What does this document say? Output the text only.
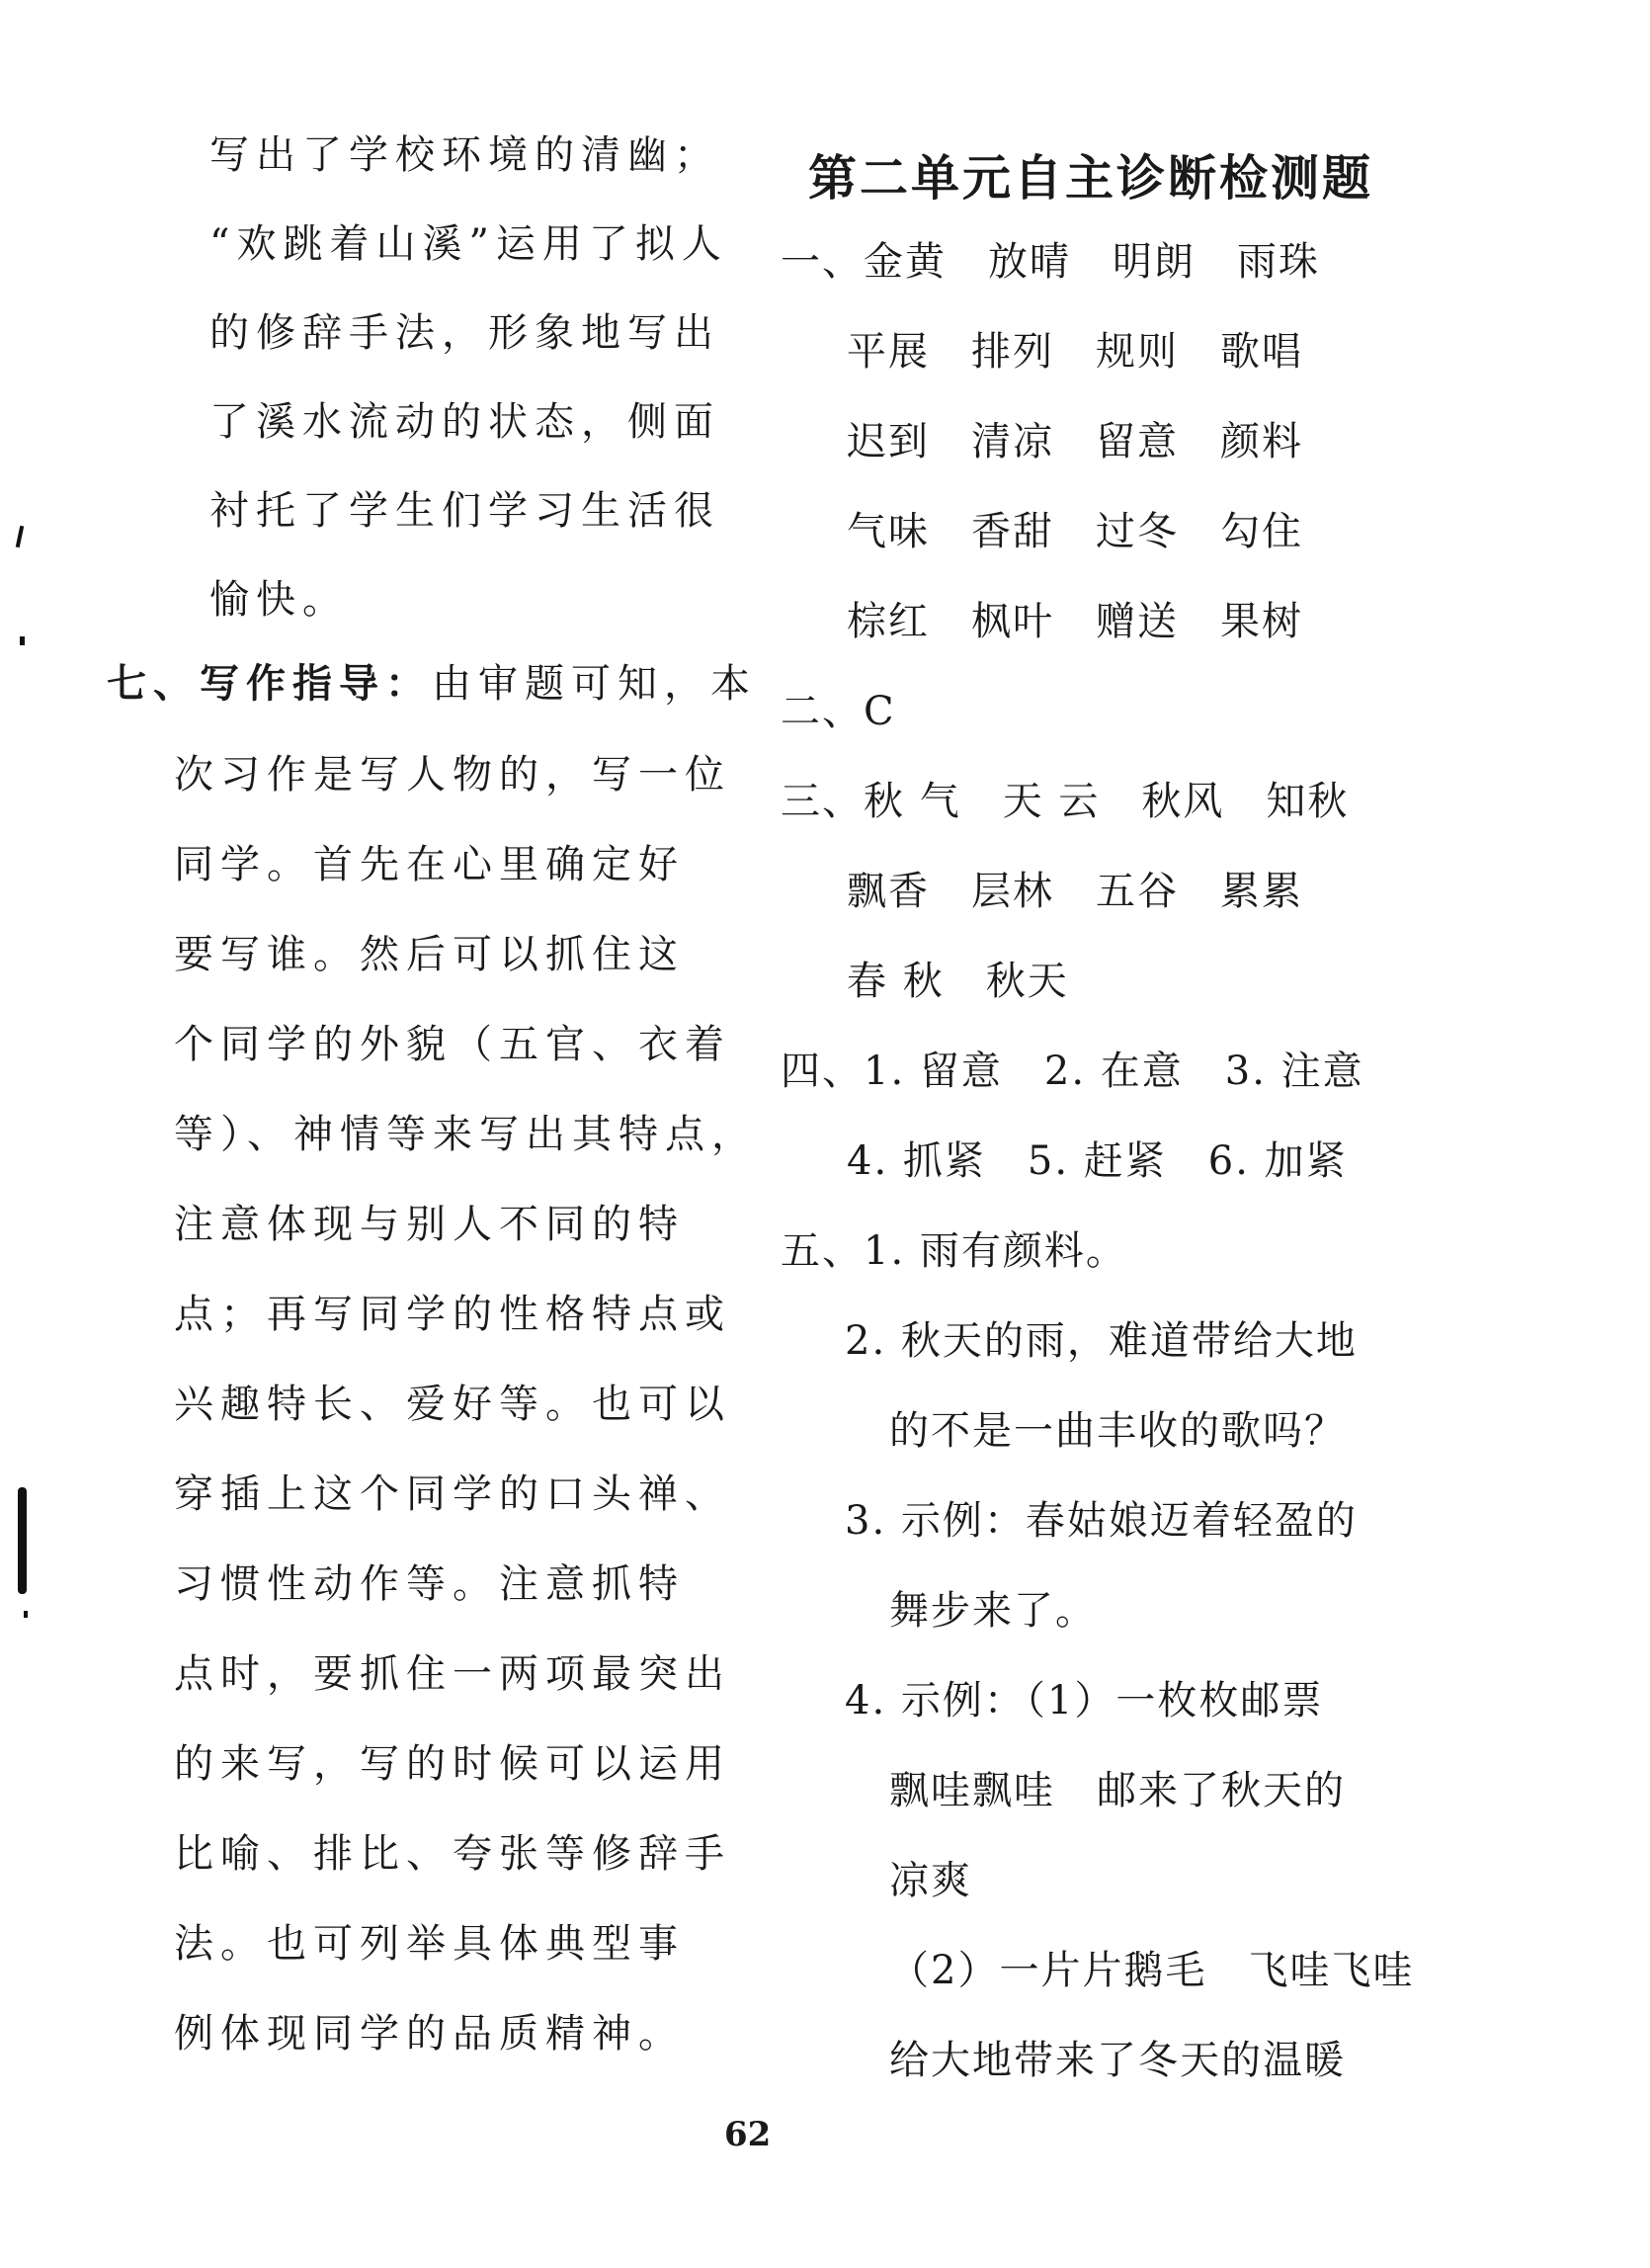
写出了学校环境的清幽；
“欢跳着山溪”运用了拟人
的修辞手法，形象地写出
了溪水流动的状态，侧面
衬托了学生们学习生活很
愉快。
七、写作指导：由审题可知，本
次习作是写人物的，写一位
同学。首先在心里确定好
要写谁。然后可以抓住这
个同学的外貌（五官、衣着
等）、神情等来写出其特点，
注意体现与别人不同的特
点；再写同学的性格特点或
兴趣特长、爱好等。也可以
穿插上这个同学的口头禅、
习惯性动作等。注意抓特
点时，要抓住一两项最突出
的来写，写的时候可以运用
比喻、排比、夸张等修辞手
法。也可列举具体典型事
例体现同学的品质精神。
第二单元自主诊断检测题
一、金黄　放晴　明朗　雨珠
平展　排列　规则　歌唱
迟到　清凉　留意　颜料
气味　香甜　过冬　勾住
棕红　枫叶　赠送　果树
二、C
三、秋 气　天 云　秋风　知秋
飘香　层林　五谷　累累
春 秋　秋天
四、1. 留意　2. 在意　3. 注意
4. 抓紧　5. 赶紧　6. 加紧
五、1. 雨有颜料。
2. 秋天的雨，难道带给大地
的不是一曲丰收的歌吗？
3. 示例：春姑娘迈着轻盈的
舞步来了。
4. 示例：（1）一枚枚邮票
飘哇飘哇　邮来了秋天的
凉爽
（2）一片片鹅毛　飞哇飞哇
给大地带来了冬天的温暖
62
